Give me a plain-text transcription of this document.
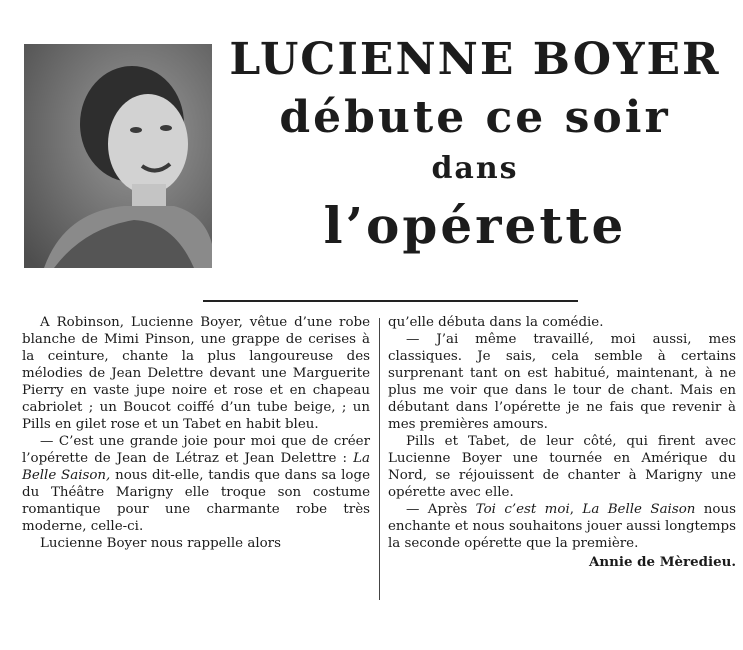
LUCIENNE BOYER
débute ce soir
dans
l’opérette

A Robinson, Lucienne Boyer, vêtue d’une robe blanche de Mimi Pinson, une grappe de cerises à la ceinture, chante la plus langoureuse des mélodies de Jean Delettre devant une Marguerite Pierry en vaste jupe noire et rose et en chapeau cabriolet ; un Boucot coiffé d’un tube beige, ; un Pills en gilet rose et un Tabet en habit bleu.

— C’est une grande joie pour moi que de créer l’opérette de Jean de Létraz et Jean Delettre : La Belle Saison, nous dit-elle, tandis que dans sa loge du Théâtre Marigny elle troque son costume romantique pour une charmante robe très moderne, celle-ci.

Lucienne Boyer nous rappelle alors

qu’elle débuta dans la comédie.

— J’ai même travaillé, moi aussi, mes classiques. Je sais, cela semble à certains surprenant tant on est habitué, maintenant, à ne plus me voir que dans le tour de chant. Mais en débutant dans l’opérette je ne fais que revenir à mes premières amours.

Pills et Tabet, de leur côté, qui firent avec Lucienne Boyer une tournée en Amérique du Nord, se réjouissent de chanter à Marigny une opérette avec elle.

— Après Toi c’est moi, La Belle Saison nous enchante et nous souhaitons jouer aussi longtemps la seconde opérette que la première.

Annie de Mèredieu.
